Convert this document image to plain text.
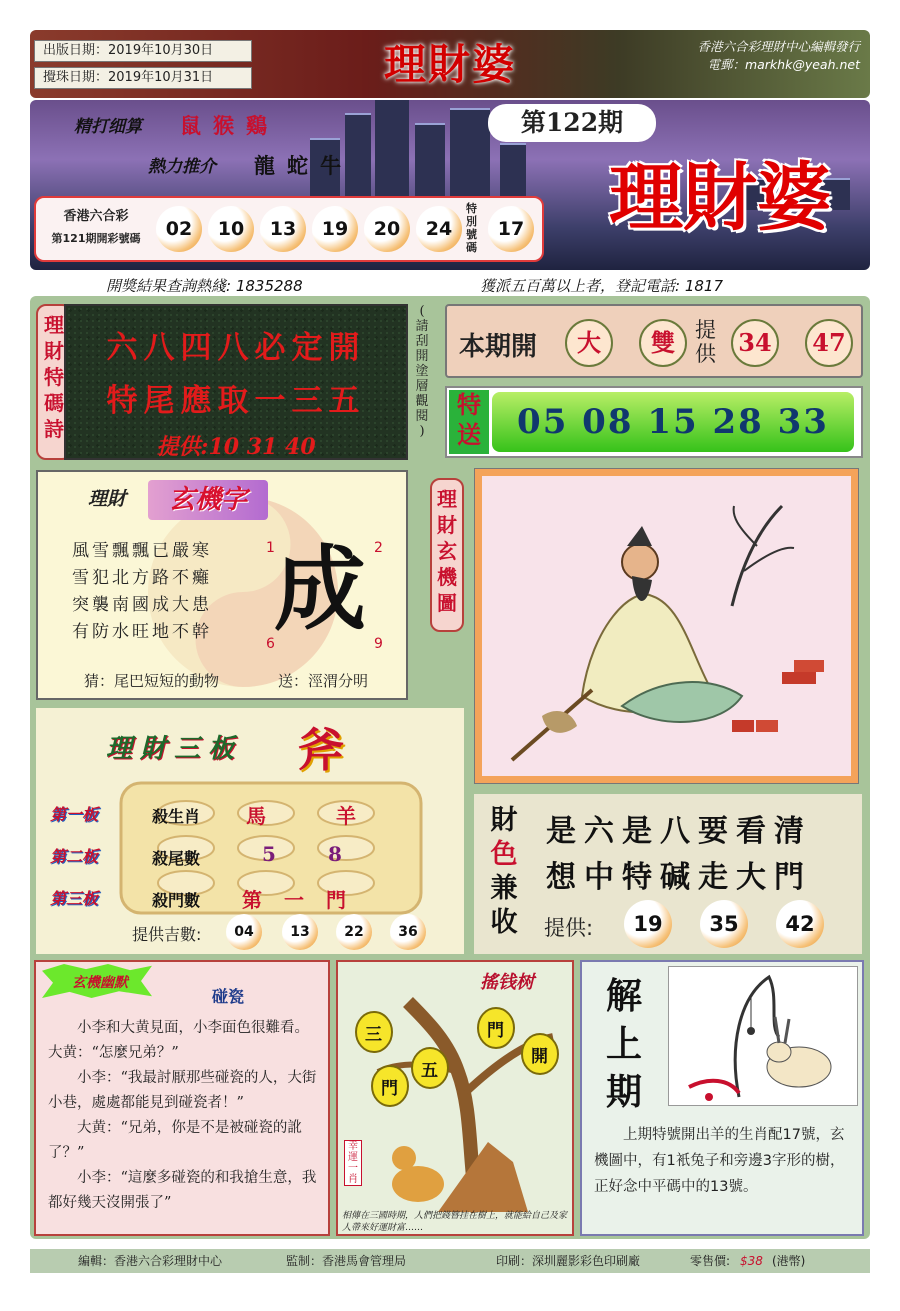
出版日期：2019年10月30日
攪珠日期：2019年10月31日	理財婆	香港六合彩理財中心編輯發行
電郵：markhk@yeah.net
精打细算 鼠猴鷄
熱力推介 龍蛇牛
第122期
理財婆
香港六合彩
第121期開彩號碼	02	10	13	19	20	24
特別號碼
17
開獎結果查詢熱綫: 1835288	獲派五百萬以上者，登記電話: 1817
理
財
特
碼
詩
六八四八必定開
特尾應取一三五
提供:10 31 40
(
請
刮
開
塗
層
觀
閱
)
本期開	大	雙 提供 34	47
特
送	05 08 15 28 33
理財	玄機字
風雪飄飄已嚴寒
雪犯北方路不癱
突襲南國成大患
有防水旺地不幹
1	2
6	9
猜：尾巴短短的動物	送：涇渭分明
成
理
財
玄
機
圖
理財三板 斧
第一板	殺生肖 馬	羊
第二板	殺尾數	5 8
第三板	殺門數 第一門
提供吉數:	04	13	22	36
財
色
兼
收
是六是八要看清
想中特碱走大門
提供:	19	35	42
玄機幽默
碰瓷

小李和大黄見面，小李面色很難看。大黄：“怎麼兄弟？”

小李：“我最討厭那些碰瓷的人，大街小巷，處處都能見到碰瓷者！”

大黄：“兄弟，你是不是被碰瓷的訛了？”

小李：“這麼多碰瓷的和我搶生意，我都好幾天沒開張了”

搖钱树
三
門
五
門
開
幸運一肖
相傳在三國時期，人們把錢簪挂在樹上，就能給自己及家人帶來好運財富……
解
上
期
上期特號開出羊的生肖配17號，玄機圖中，有1衹兔子和旁邊3字形的樹，正好念中平碼中的13號。
編輯：香港六合彩理財中心	監制：香港馬會管理局	印刷：深圳麗影彩色印刷廠	零售價: $38 (港幣)
